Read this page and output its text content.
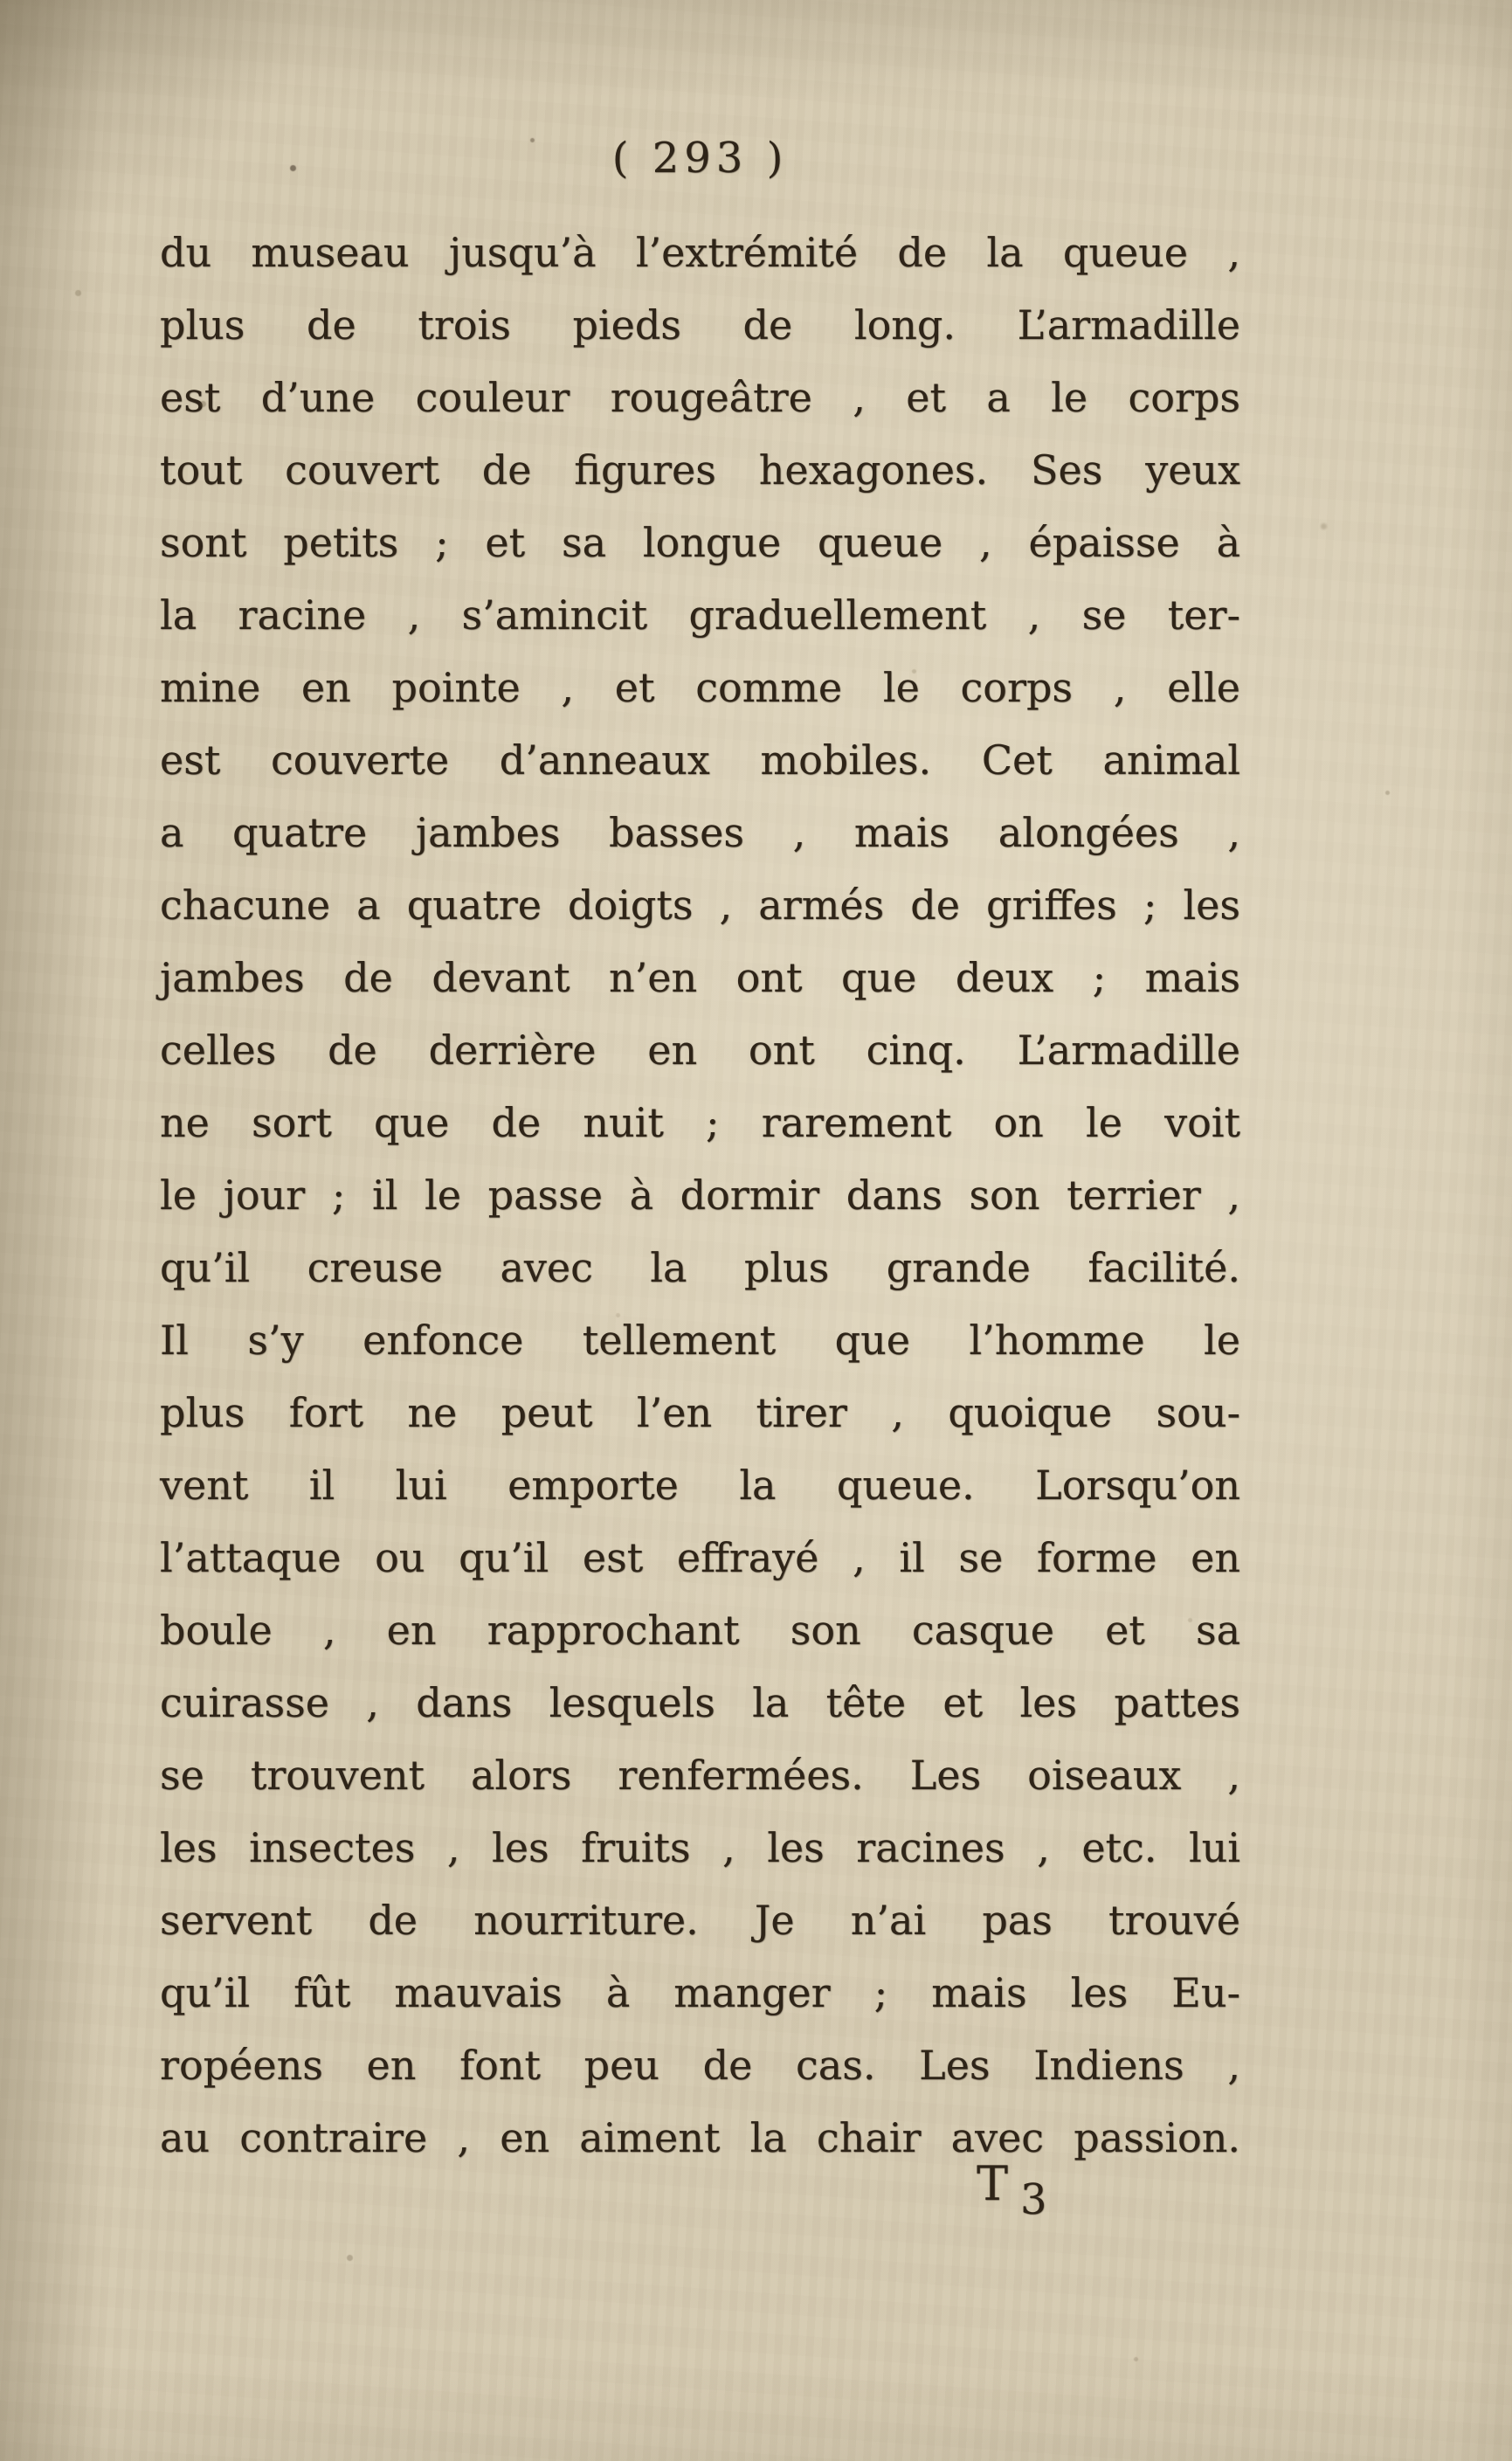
( 293 )
du museau jusqu’à l’extrémité de la queue ,
plus de trois pieds de long. L’armadille
est d’une couleur rougeâtre , et a le corps
tout couvert de figures hexagones. Ses yeux
sont petits ; et sa longue queue , épaisse à
la racine , s’amincit graduellement , se ter-
mine en pointe , et comme le corps , elle
est couverte d’anneaux mobiles. Cet animal
a quatre jambes basses , mais alongées ,
chacune a quatre doigts , armés de griffes ; les
jambes de devant n’en ont que deux ; mais
celles de derrière en ont cinq. L’armadille
ne sort que de nuit ; rarement on le voit
le jour ; il le passe à dormir dans son terrier ,
qu’il creuse avec la plus grande facilité.
Il s’y enfonce tellement que l’homme le
plus fort ne peut l’en tirer , quoique sou-
vent il lui emporte la queue. Lorsqu’on
l’attaque ou qu’il est effrayé , il se forme en
boule , en rapprochant son casque et sa
cuirasse , dans lesquels la tête et les pattes
se trouvent alors renfermées. Les oiseaux ,
les insectes , les fruits , les racines , etc. lui
servent de nourriture. Je n’ai pas trouvé
qu’il fût mauvais à manger ; mais les Eu-
ropéens en font peu de cas. Les Indiens ,
au contraire , en aiment la chair avec passion.
T 3
